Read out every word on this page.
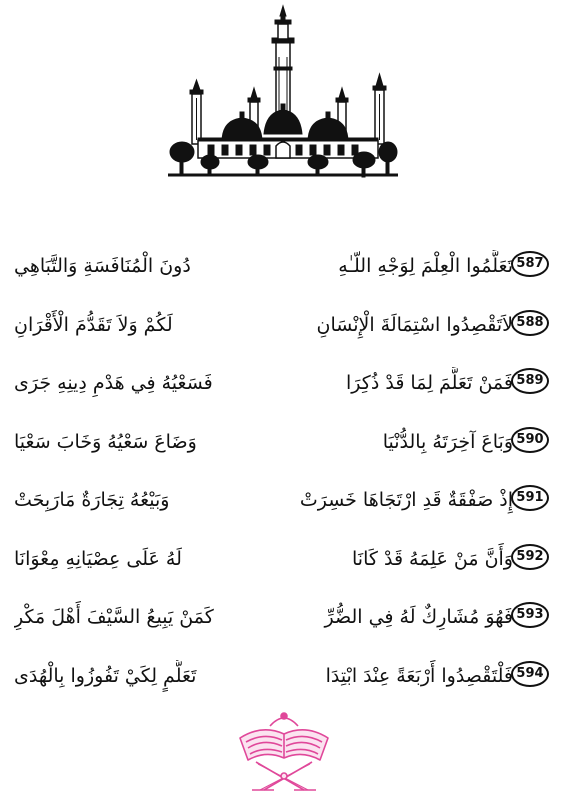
587
تَعَلَّمُوا الْعِلْمَ لِوَجْهِ اللّـٰهِ
دُونَ الْمُنَافَسَةِ وَالتَّبَاهِي
588
لاَتَقْصِدُوا اسْتِمَالَةَ الْإِنْسَانِ
لَكُمْ وَلاَ تَقَدُّمَ الْأَقْرَانِ
589
فَمَنْ تَعَلَّمَ لِمَا قَدْ ذُكِرَا
فَسَعْيُهُ فِي هَدْمِ دِينِهِ جَرَى
590
وَبَاعَ آخِرَتَهُ بِالدُّنْيَا
وَضَاعَ سَعْيُهُ وَخَابَ سَعْيَا
591
إِذْ صَفْقَةٌ قَدِ ارْتَجَاهَا خَسِرَتْ
وَبَيْعُهُ تِجَارَةٌ مَارَبِحَتْ
592
وَأَنَّ مَنْ عَلِمَهُ قَدْ كَانَا
لَهُ عَلَى عِصْيَانِهِ مِعْوَانَا
593
فَهُوَ مُشَارِكٌ لَهُ فِي الضُّرِّ
كَمَنْ يَبِيعُ السَّيْفَ أَهْلَ مَكْرِ
594
فَلْتَقْصِدُوا أَرْبَعَةً عِنْدَ ابْتِدَا
تَعَلُّمٍ لِكَيْ تَفُوزُوا بِالْهُدَى
